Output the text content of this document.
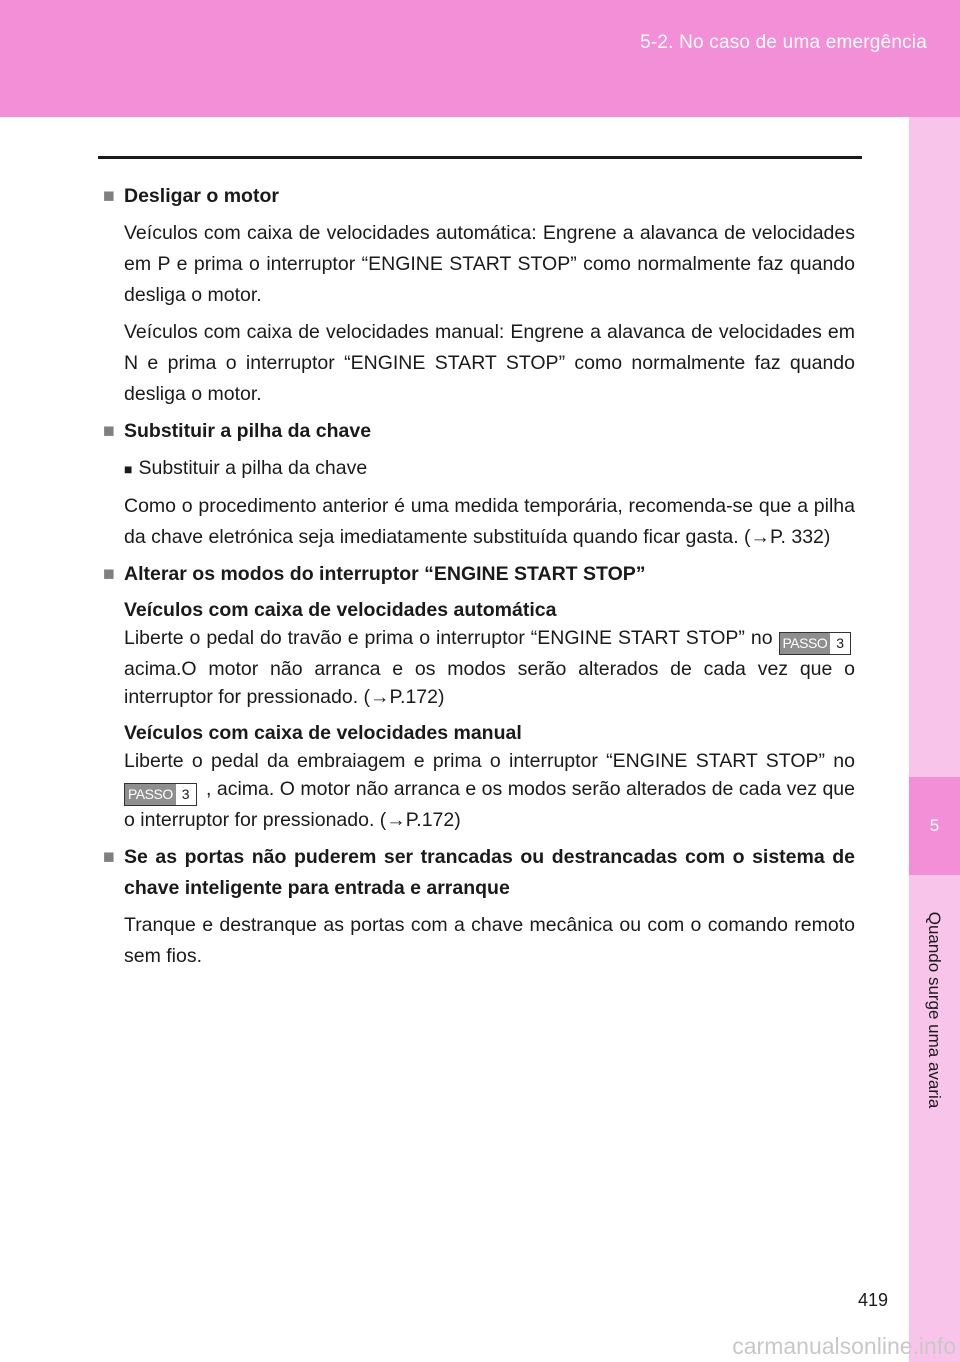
5-2. No caso de uma emergência
5
Quando surge uma avaria
■ Desligar o motor
Veículos com caixa de velocidades automática: Engrene a alavanca de velocidades em P e prima o interruptor “ENGINE START STOP” como normalmente faz quando desliga o motor.
Veículos com caixa de velocidades manual: Engrene a alavanca de velocidades em N e prima o interruptor “ENGINE START STOP” como normalmente faz quando desliga o motor.
■ Substituir a pilha da chave
■ Substituir a pilha da chave
Como o procedimento anterior é uma medida temporária, recomenda-se que a pilha da chave eletrónica seja imediatamente substituída quando ficar gasta. (→P. 332)
■ Alterar os modos do interruptor “ENGINE START STOP”
Veículos com caixa de velocidades automática
Liberte o pedal do travão e prima o interruptor “ENGINE START STOP” no PASSO 3
acima.O motor não arranca e os modos serão alterados de cada vez que o interruptor for pressionado. (→P.172)
Veículos com caixa de velocidades manual
Liberte o pedal da embraiagem e prima o interruptor “ENGINE START STOP” no
PASSO 3 , acima. O motor não arranca e os modos serão alterados de cada vez que o interruptor for pressionado. (→P.172)
■ Se as portas não puderem ser trancadas ou destrancadas com o sistema de chave inteligente para entrada e arranque
Tranque e destranque as portas com a chave mecânica ou com o comando remoto sem fios.
419
carmanualsonline.info
